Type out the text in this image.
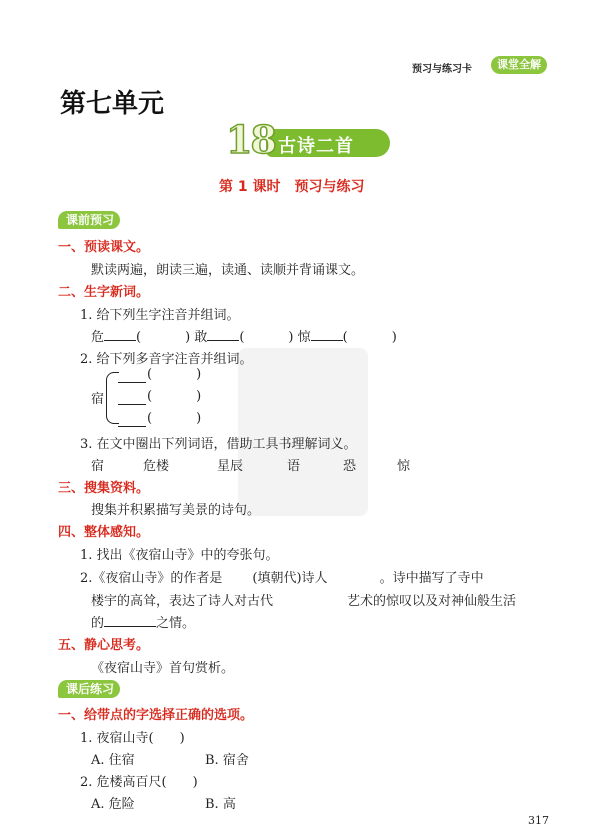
预习与练习卡	课堂全解
第七单元
18 古诗二首
第 1 课时　预习与练习
课前预习
一、预读课文。
默读两遍，朗读三遍，读通、读顺并背诵课文。
二、生字新词。
1. 给下列生字注音并组词。
危 (	) 敢 (	) 惊 (	)
2. 给下列多音字注音并组词。
宿
(	)
(	)
(	)
3. 在文中圈出下列词语，借助工具书理解词义。
宿	危楼	星辰	语	恐	惊
三、搜集资料。
搜集并积累描写美景的诗句。
四、整体感知。
1. 找出《夜宿山寺》中的夸张句。
2.《夜宿山寺》的作者是 (填朝代)诗人	。诗中描写了寺中
楼宇的高耸，表达了诗人对古代	艺术的惊叹以及对神仙般生活
的	之情。
五、静心思考。
《夜宿山寺》首句赏析。
课后练习
一、给带点的字选择正确的选项。
1. 夜宿山寺(　　)
A. 住宿	B. 宿舍
2. 危楼高百尺(　　)
A. 危险	B. 高
317
